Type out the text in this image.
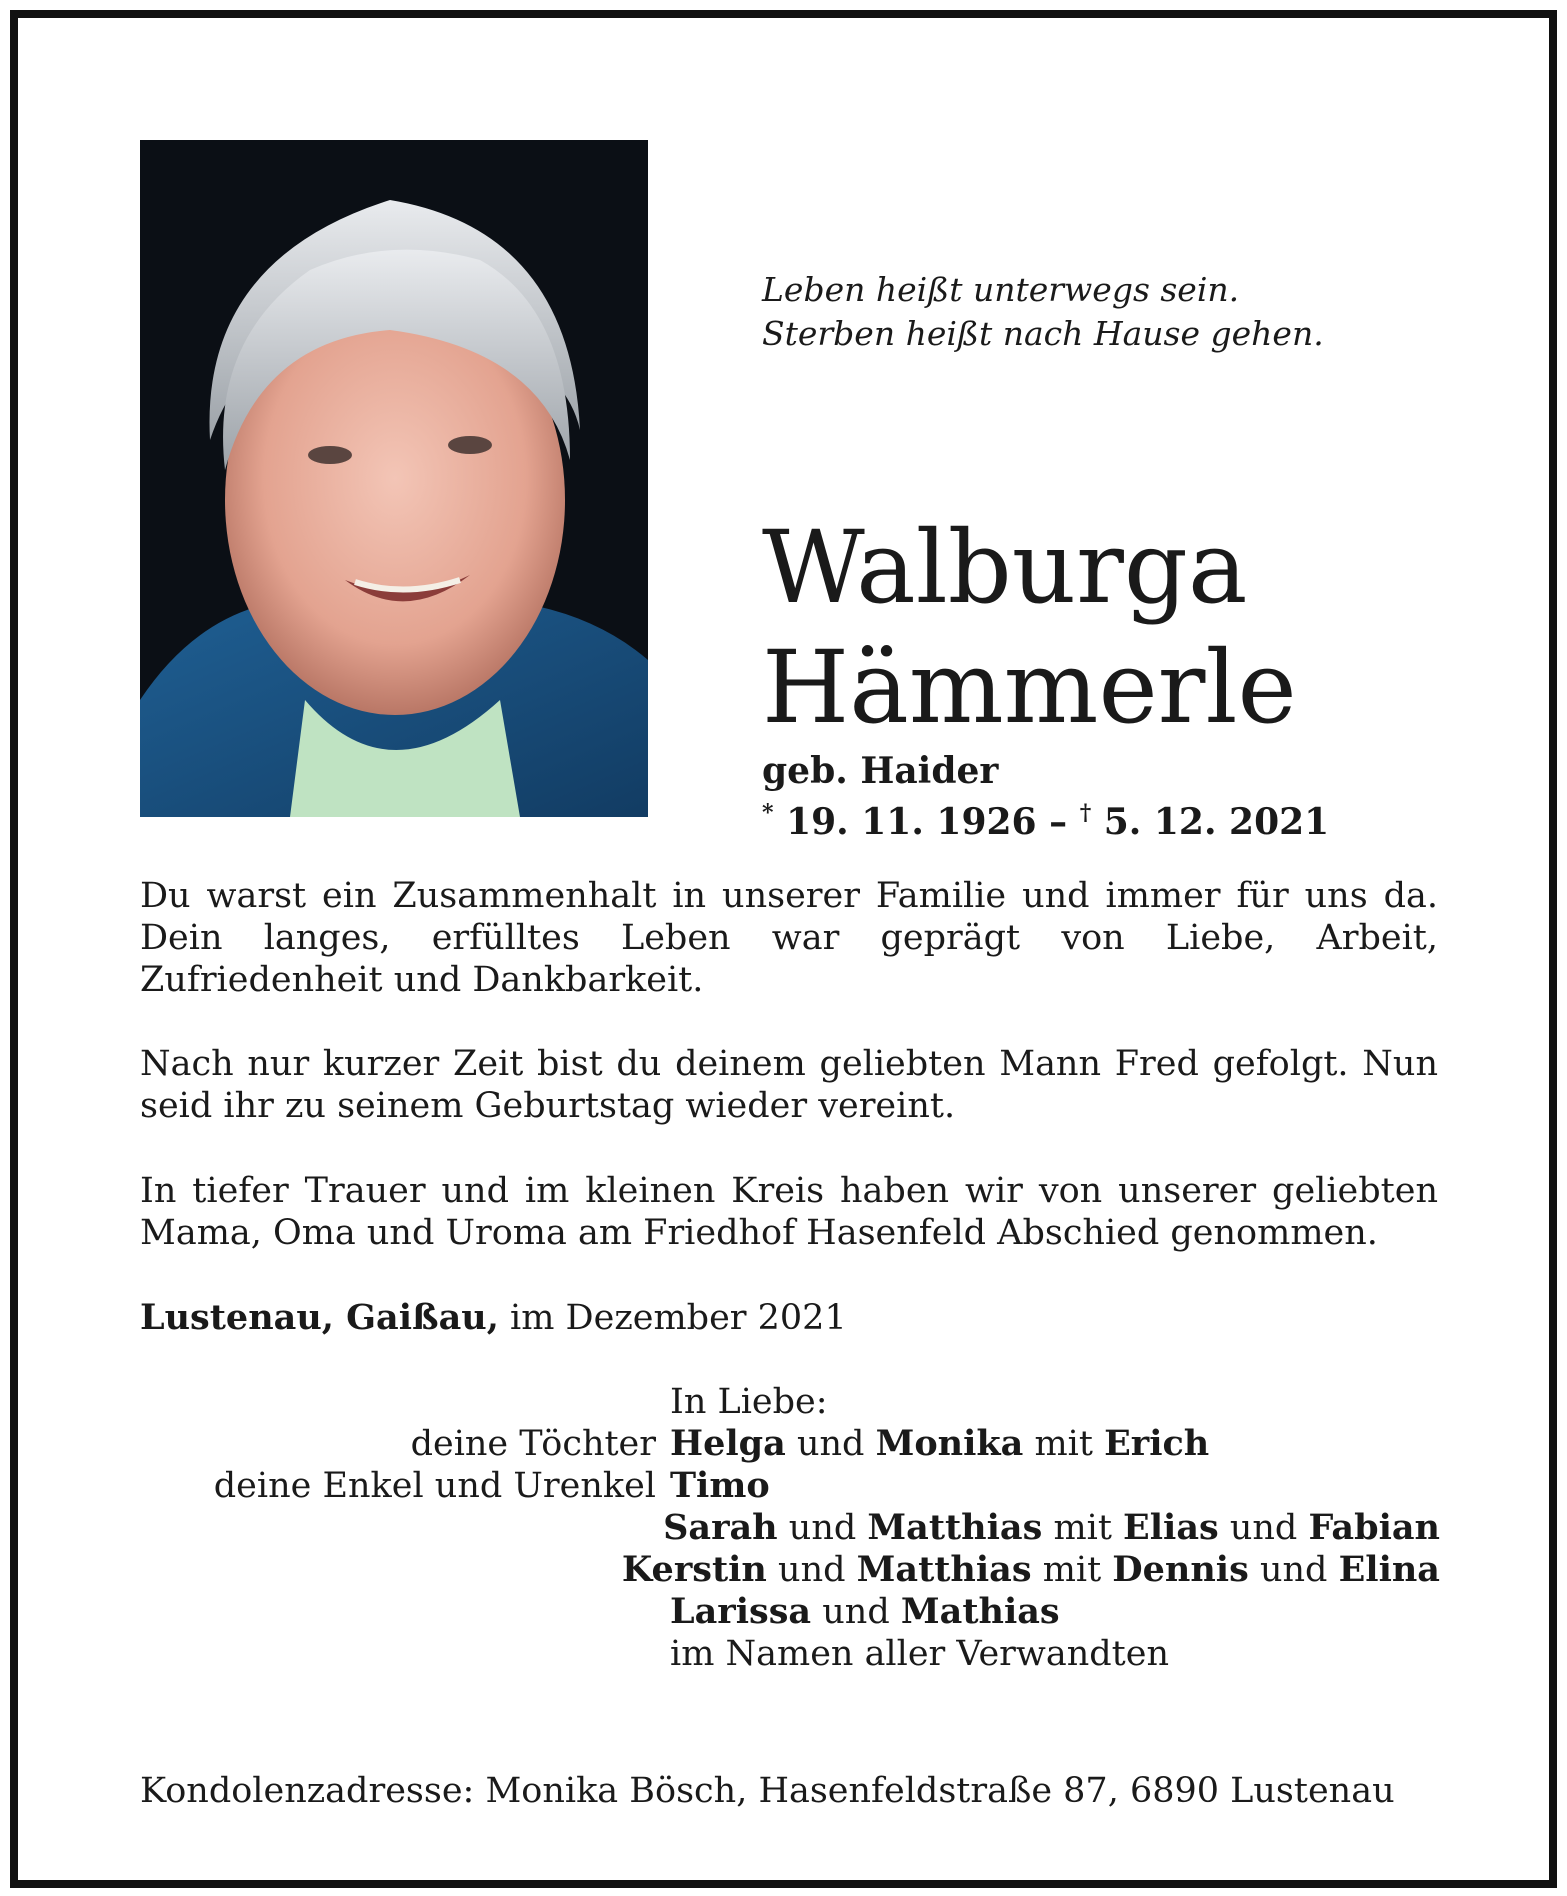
Leben heißt unterwegs sein.
Sterben heißt nach Hause gehen.
Walburga
Hämmerle
geb. Haider
* 19. 11. 1926 – † 5. 12. 2021

Du warst ein Zusammenhalt in unserer Familie und immer für uns da. Dein langes, erfülltes Leben war geprägt von Liebe, Arbeit, Zufriedenheit und Dankbarkeit.

Nach nur kurzer Zeit bist du deinem geliebten Mann Fred gefolgt. Nun seid ihr zu seinem Geburtstag wieder vereint.

In tiefer Trauer und im kleinen Kreis haben wir von unserer geliebten Mama, Oma und Uroma am Friedhof Hasenfeld Abschied genommen.

Lustenau, Gaißau, im Dezember 2021
In Liebe:
deine Töchter Helga und Monika mit Erich
deine Enkel und Urenkel Timo
Sarah und Matthias mit Elias und Fabian
Kerstin und Matthias mit Dennis und Elina
Larissa und Mathias
im Namen aller Verwandten
Kondolenzadresse: Monika Bösch, Hasenfeldstraße 87, 6890 Lustenau
